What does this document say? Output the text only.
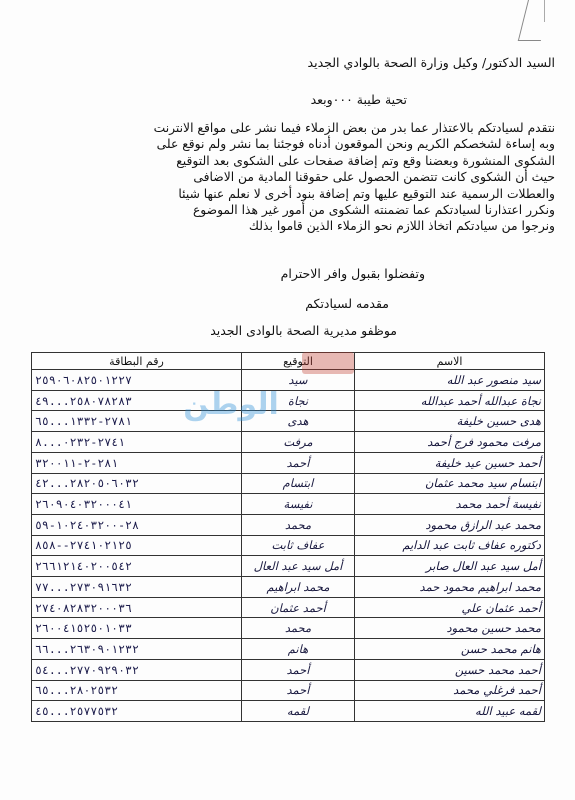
السيد الدكتور/ وكيل وزارة الصحة بالوادي الجديد
تحية طيبة ٠٠٠وبعد
نتقدم لسيادتكم بالاعتذار عما بدر من بعض الزملاء فيما نشر على مواقع الانترنت
وبه إساءة لشخصكم الكريم ونحن الموقعون أدناه فوجئنا بما نشر ولم نوقع على
الشكوى المنشورة وبعضنا وقع وتم إضافة صفحات على الشكوى بعد التوقيع
حيث أن الشكوى كانت تتضمن الحصول على حقوقنا المادية من الاضافى
والعطلات الرسمية عند التوقيع عليها وتم إضافة بنود أخرى لا نعلم عنها شيئا
ونكرر اعتذارنا لسيادتكم عما تضمنته الشكوى من أمور غير هذا الموضوع
ونرجوا من سيادتكم اتخاذ اللازم نحو الزملاء الذين قاموا بذلك
وتفضلوا بقبول وافر الاحترام
مقدمه لسيادتكم
موظفو مديرية الصحة بالوادى الجديد
الاسم	التوقيع	رقم البطاقة
سيد منصور عبد الله	سيد	٢٥٩٠٦٠٨٢٥٠١٢٢٧
نجاة عبدالله أحمد عبدالله	نجاة	٢٥٨٠٧٨٢٨٣...٤٩
هدى حسين خليفة	هدى	٢٧٨١-١٣٣٢...٦٥
مرفت محمود فرج أحمد	مرفت	٢٧٤١-٠٢٣٢...٨
أحمد حسين عيد خليفة	أحمد	٢٨١-٢-٣٢٠٠١١
ابتسام سيد محمد عثمان	ابتسام	٢٨٢٠٥٠٦٠٣٢...٤٢
نفيسة أحمد محمد	نفيسة	٢٦٠٩٠٤٠٣٢٠٠٠٤١
محمد عبد الرازق محمود	محمد	٢٨-١٠٢٤٠٣٢٠٠-٥٩
دكتوره عفاف ثابت عبد الدايم	عفاف ثابت	٢٧٤١٠٢١٢٥--٨٥٨
أمل سيد عبد العال صابر	أمل سيد عبد العال	٢٦٦١٢١٤٠٢٠٠٥٤٢
محمد ابراهيم محمود حمد	محمد ابراهيم	٢٧٣٠٩١٦٣٢...٧٧
أحمد عثمان علي	أحمد عثمان	٢٧٤٠٨٢٨٣٢٠٠٠٣٦
محمد حسين محمود	محمد	٢٦٠٠٤١٥٢٥٠١٠٣٣
هانم محمد حسن	هانم	٢٦٣٠٩٠١٢٣٢...٦٦
أحمد محمد حسين	أحمد	٢٧٧٠٩٢٩٠٣٢...٥٤
أحمد فرغلي محمد	أحمد	٢٨٠٢٥٣٢...٦٥
لقمه عبيد الله	لقمه	٢٥٧٧٥٣٢...٤٥
الوطن
